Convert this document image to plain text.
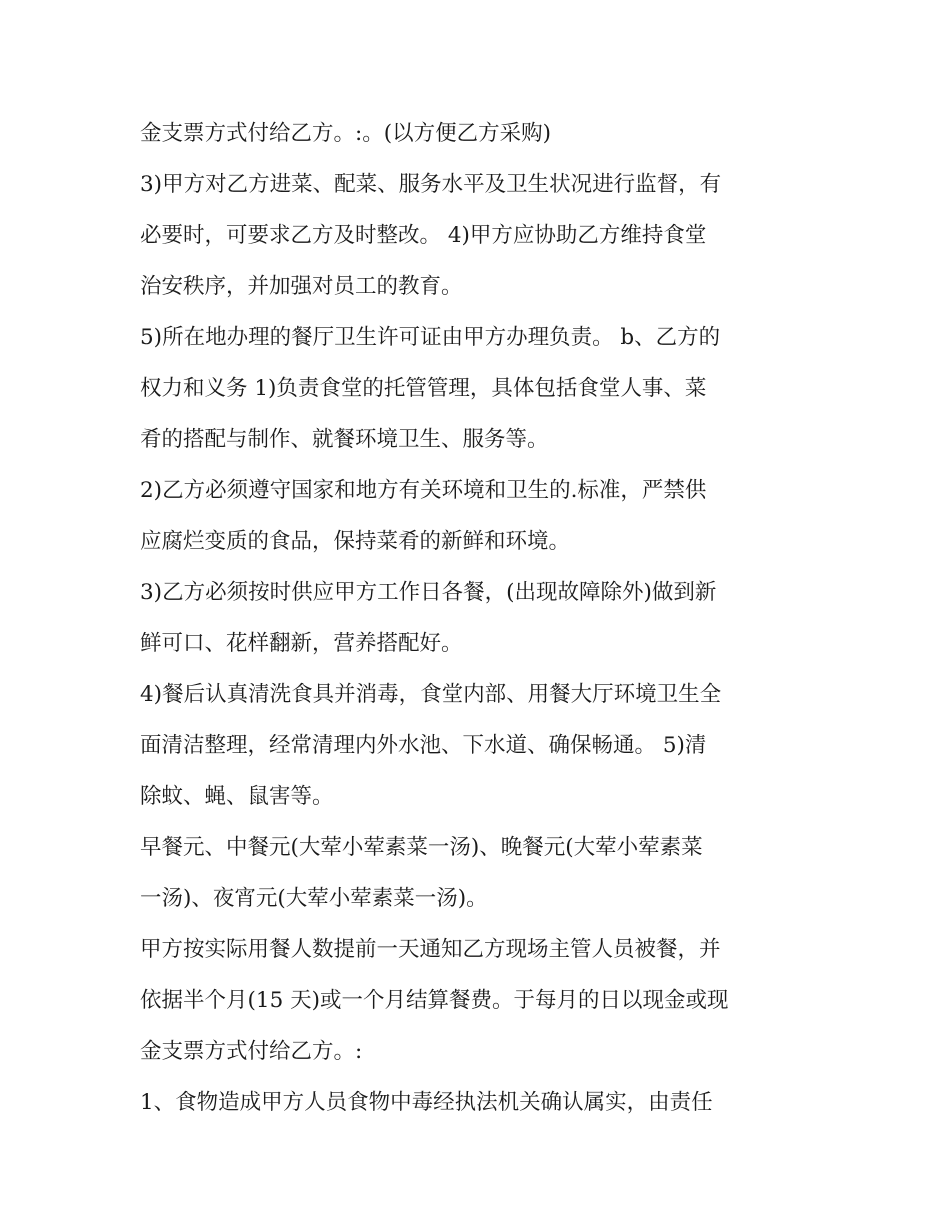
金支票方式付给乙方。:。(以方便乙方采购)
3)甲方对乙方进菜、配菜、服务水平及卫生状况进行监督，有
必要时，可要求乙方及时整改。 4)甲方应协助乙方维持食堂
治安秩序，并加强对员工的教育。
5)所在地办理的餐厅卫生许可证由甲方办理负责。 b、乙方的
权力和义务 1)负责食堂的托管管理，具体包括食堂人事、菜
肴的搭配与制作、就餐环境卫生、服务等。
2)乙方必须遵守国家和地方有关环境和卫生的.标准，严禁供
应腐烂变质的食品，保持菜肴的新鲜和环境。
3)乙方必须按时供应甲方工作日各餐，(出现故障除外)做到新
鲜可口、花样翻新，营养搭配好。
4)餐后认真清洗食具并消毒，食堂内部、用餐大厅环境卫生全
面清洁整理，经常清理内外水池、下水道、确保畅通。 5)清
除蚊、蝇、鼠害等。
早餐元、中餐元(大荤小荤素菜一汤)、晚餐元(大荤小荤素菜
一汤)、夜宵元(大荤小荤素菜一汤)。
甲方按实际用餐人数提前一天通知乙方现场主管人员被餐，并
依据半个月(15 天)或一个月结算餐费。于每月的日以现金或现
金支票方式付给乙方。:
1、食物造成甲方人员食物中毒经执法机关确认属实，由责任
